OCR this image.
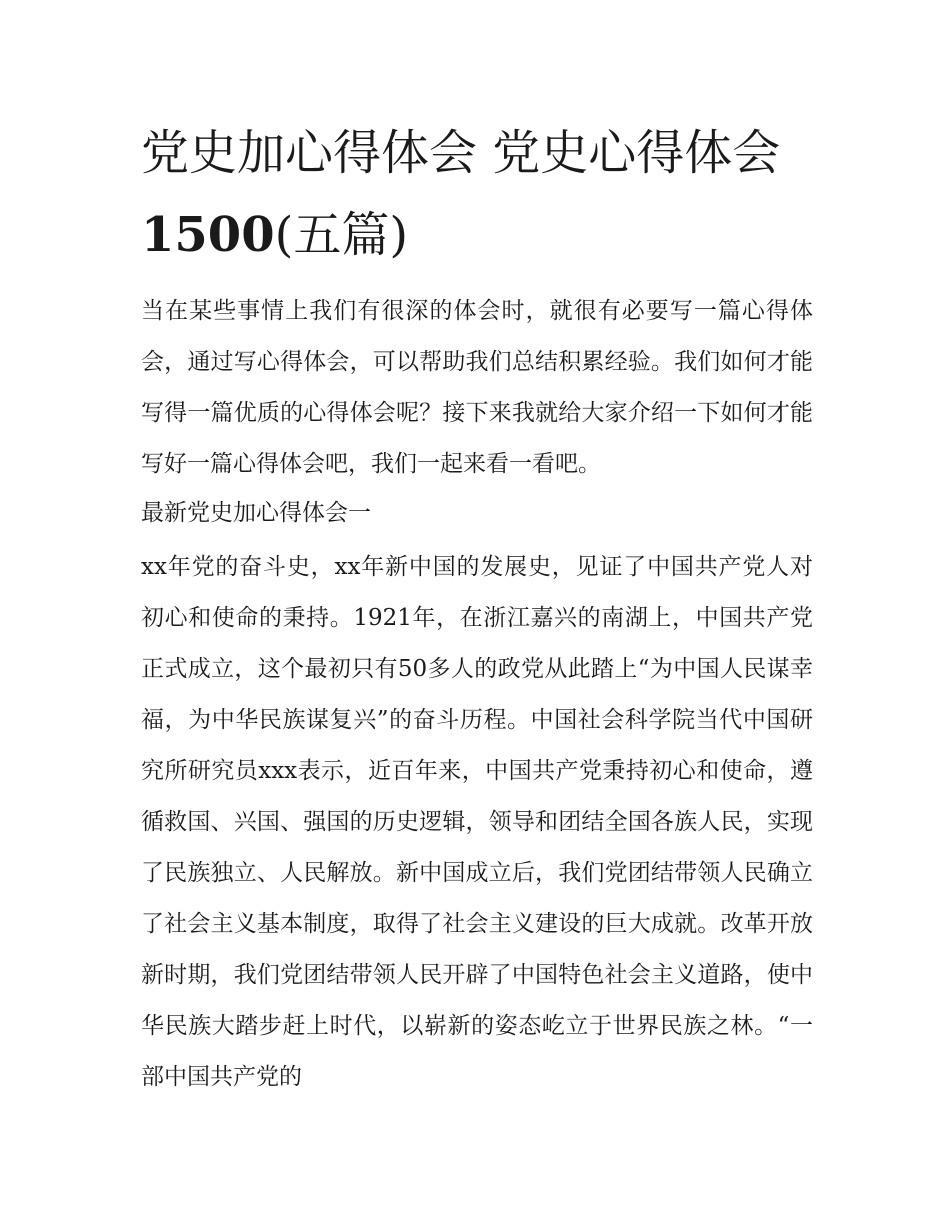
党史加心得体会 党史心得体会
1500(五篇)

当在某些事情上我们有很深的体会时，就很有必要写一篇心得体会，通过写心得体会，可以帮助我们总结积累经验。我们如何才能写得一篇优质的心得体会呢？接下来我就给大家介绍一下如何才能写好一篇心得体会吧，我们一起来看一看吧。

最新党史加心得体会一

xx年党的奋斗史，xx年新中国的发展史，见证了中国共产党人对初心和使命的秉持。1921年，在浙江嘉兴的南湖上，中国共产党正式成立，这个最初只有50多人的政党从此踏上“为中国人民谋幸福，为中华民族谋复兴”的奋斗历程。中国社会科学院当代中国研究所研究员xxx表示，近百年来，中国共产党秉持初心和使命，遵循救国、兴国、强国的历史逻辑，领导和团结全国各族人民，实现了民族独立、人民解放。新中国成立后，我们党团结带领人民确立了社会主义基本制度，取得了社会主义建设的巨大成就。改革开放新时期，我们党团结带领人民开辟了中国特色社会主义道路，使中华民族大踏步赶上时代，以崭新的姿态屹立于世界民族之林。“一部中国共产党的
